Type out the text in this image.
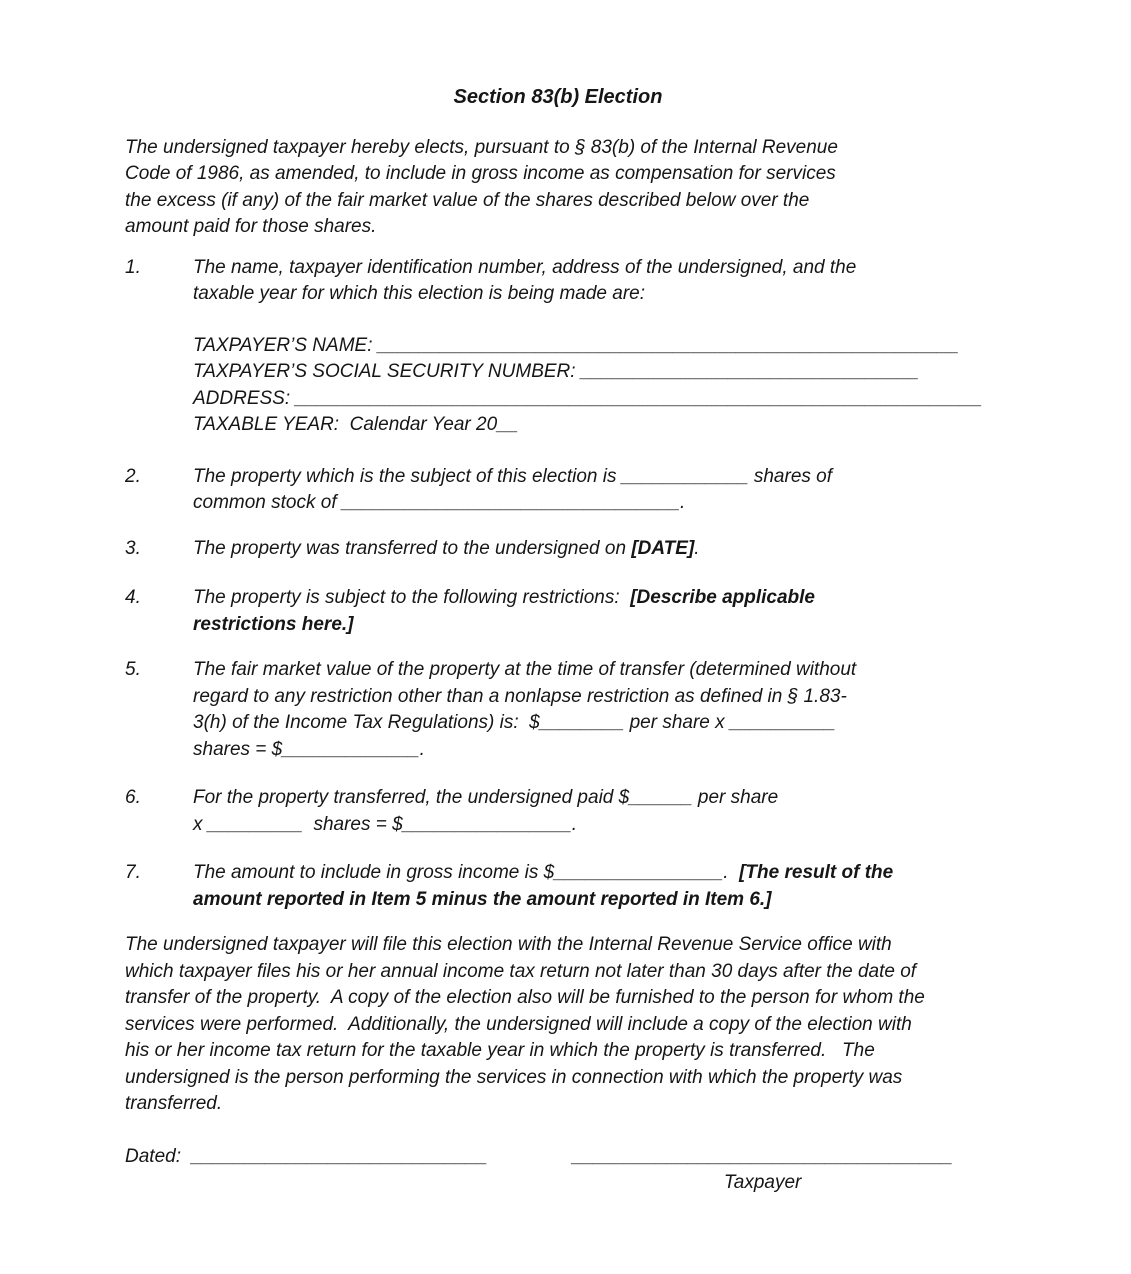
Section 83(b) Election
The undersigned taxpayer hereby elects, pursuant to § 83(b) of the Internal Revenue
Code of 1986, as amended, to include in gross income as compensation for services
the excess (if any) of the fair market value of the shares described below over the
amount paid for those shares.
1.	The name, taxpayer identification number, address of the undersigned, and the
taxable year for which this election is being made are:
TAXPAYER’S NAME: _______________________________________________________
TAXPAYER’S SOCIAL SECURITY NUMBER: ________________________________
ADDRESS: _________________________________________________________________
TAXABLE YEAR:  Calendar Year 20__
2.	The property which is the subject of this election is ____________ shares of
common stock of ________________________________.
3.	The property was transferred to the undersigned on [DATE].
4.	The property is subject to the following restrictions:  [Describe applicable
restrictions here.]
5.	The fair market value of the property at the time of transfer (determined without
regard to any restriction other than a nonlapse restriction as defined in § 1.83-
3(h) of the Income Tax Regulations) is:  $________ per share x __________
shares = $_____________.
6.	For the property transferred, the undersigned paid $______ per share
x _________  shares = $________________.
7.	The amount to include in gross income is $________________.  [The result of the
amount reported in Item 5 minus the amount reported in Item 6.]
The undersigned taxpayer will file this election with the Internal Revenue Service office with
which taxpayer files his or her annual income tax return not later than 30 days after the date of
transfer of the property.  A copy of the election also will be furnished to the person for whom the
services were performed.  Additionally, the undersigned will include a copy of the election with
his or her income tax return for the taxable year in which the property is transferred.   The
undersigned is the person performing the services in connection with which the property was
transferred.
Dated:  ____________________________	____________________________________
Taxpayer
